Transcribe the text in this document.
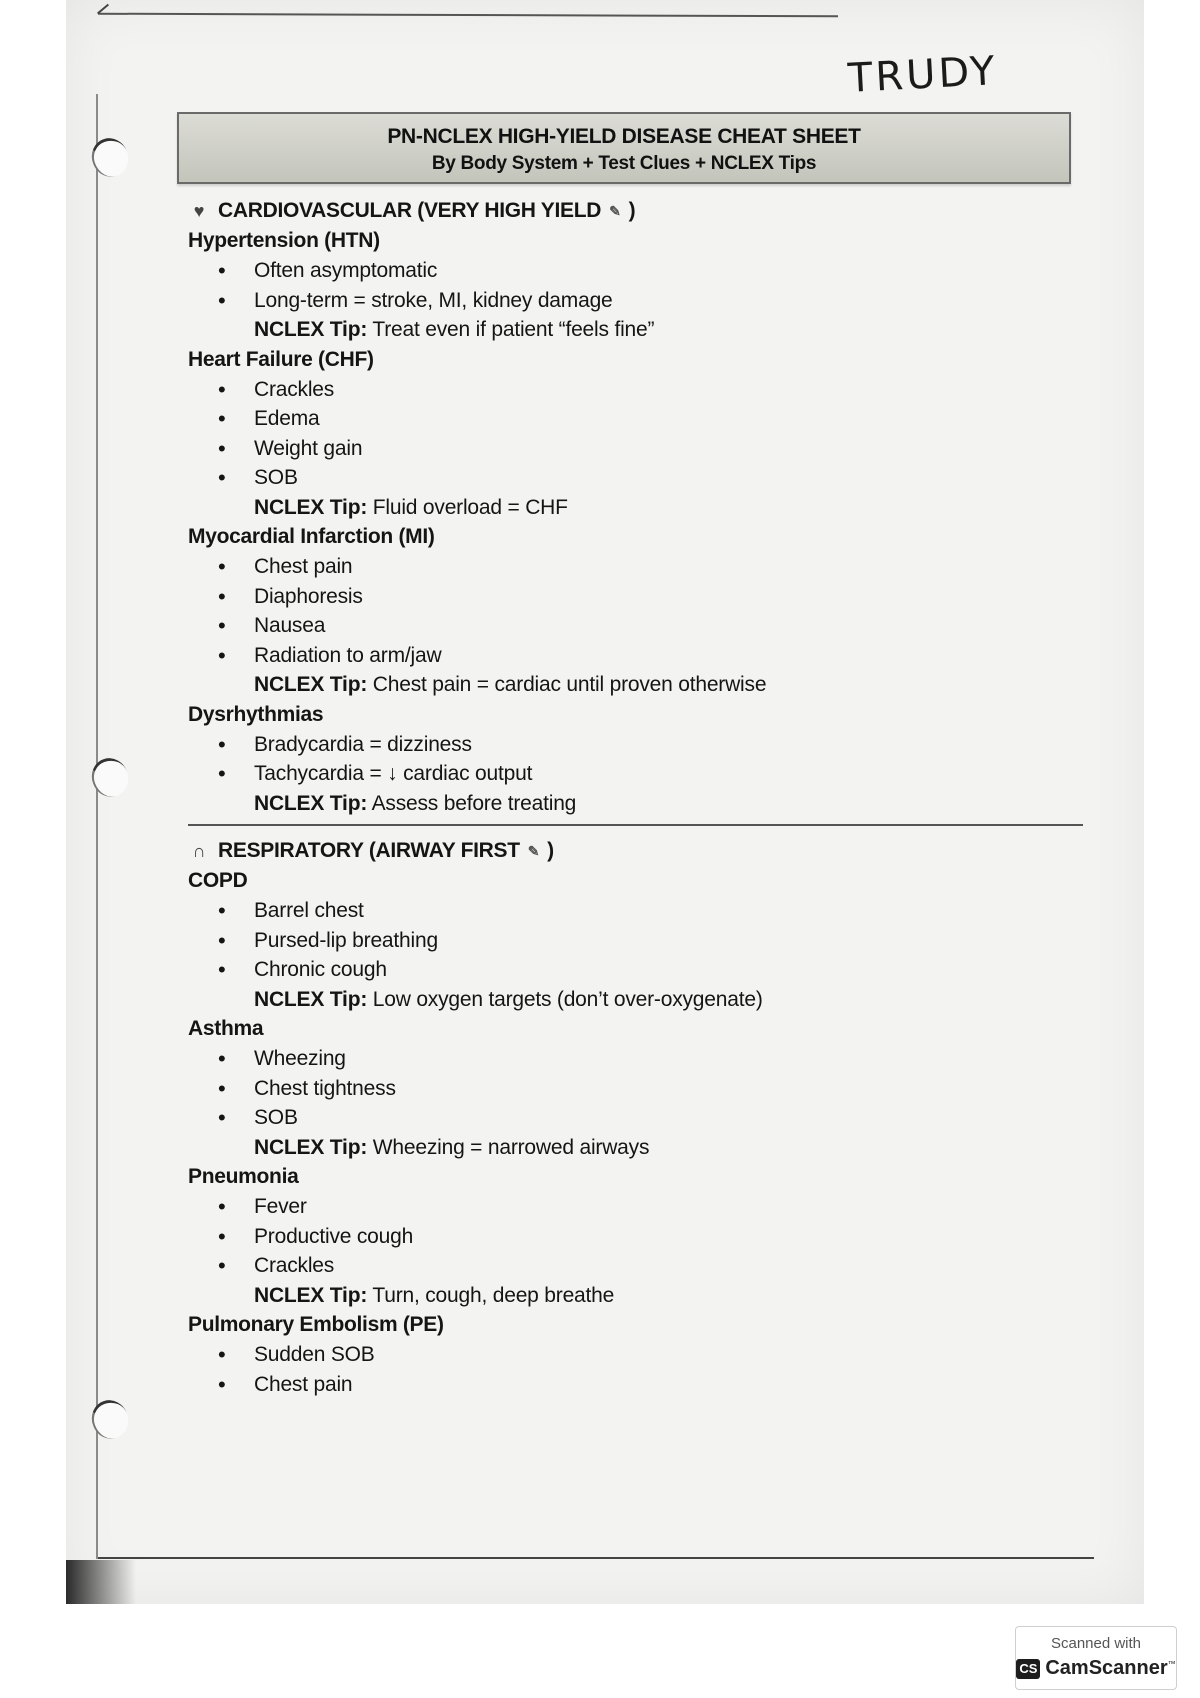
TRUDY
PN-NCLEX HIGH-YIELD DISEASE CHEAT SHEET
By Body System + Test Clues + NCLEX Tips
♥ CARDIOVASCULAR (VERY HIGH YIELD ✎ )
Hypertension (HTN)
• Often asymptomatic
• Long-term = stroke, MI, kidney damage
NCLEX Tip: Treat even if patient “feels fine”
Heart Failure (CHF)
• Crackles
• Edema
• Weight gain
• SOB
NCLEX Tip: Fluid overload = CHF
Myocardial Infarction (MI)
• Chest pain
• Diaphoresis
• Nausea
• Radiation to arm/jaw
NCLEX Tip: Chest pain = cardiac until proven otherwise
Dysrhythmias
• Bradycardia = dizziness
• Tachycardia = ↓ cardiac output
NCLEX Tip: Assess before treating
∩ RESPIRATORY (AIRWAY FIRST ✎ )
COPD
• Barrel chest
• Pursed-lip breathing
• Chronic cough
NCLEX Tip: Low oxygen targets (don’t over-oxygenate)
Asthma
• Wheezing
• Chest tightness
• SOB
NCLEX Tip: Wheezing = narrowed airways
Pneumonia
• Fever
• Productive cough
• Crackles
NCLEX Tip: Turn, cough, deep breathe
Pulmonary Embolism (PE)
• Sudden SOB
• Chest pain
Scanned with
CS CamScanner™
